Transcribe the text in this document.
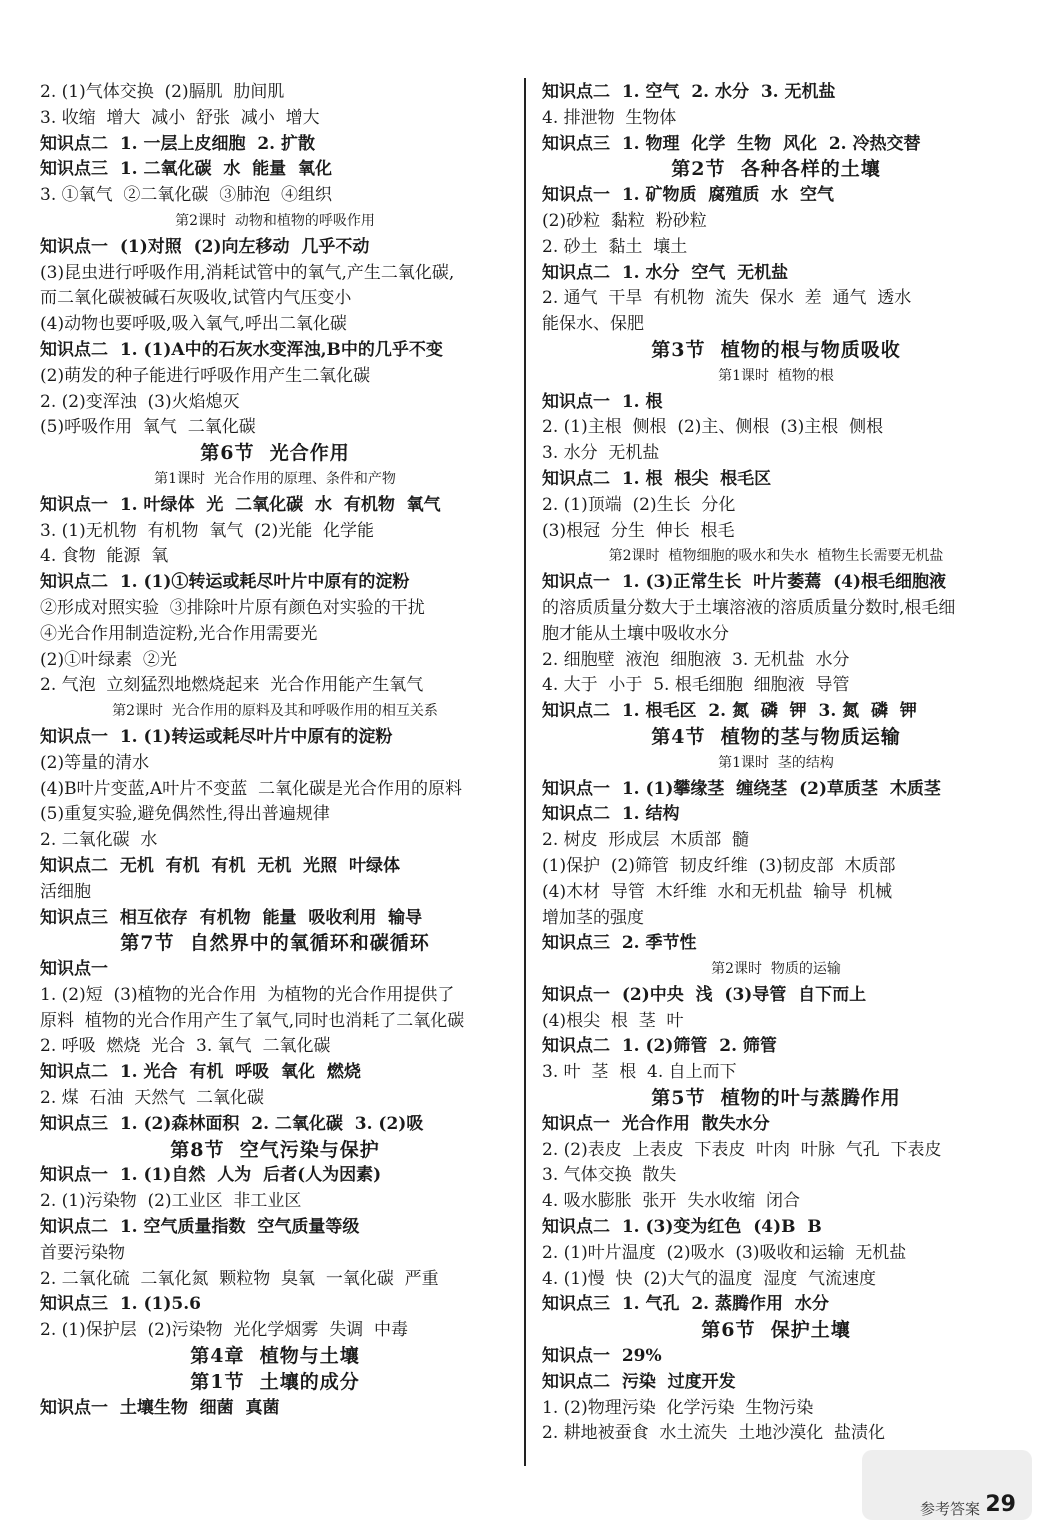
2. (1)气体交换  (2)膈肌  肋间肌
3. 收缩  增大  减小  舒张  减小  增大
知识点二  1. 一层上皮细胞  2. 扩散
知识点三  1. 二氧化碳  水  能量  氧化
3. ①氧气  ②二氧化碳  ③肺泡  ④组织
第2课时  动物和植物的呼吸作用
知识点一  (1)对照  (2)向左移动  几乎不动
(3)昆虫进行呼吸作用,消耗试管中的氧气,产生二氧化碳,
而二氧化碳被碱石灰吸收,试管内气压变小
(4)动物也要呼吸,吸入氧气,呼出二氧化碳
知识点二  1. (1)A中的石灰水变浑浊,B中的几乎不变
(2)萌发的种子能进行呼吸作用产生二氧化碳
2. (2)变浑浊  (3)火焰熄灭
(5)呼吸作用  氧气  二氧化碳
第6节  光合作用
第1课时  光合作用的原理、条件和产物
知识点一  1. 叶绿体  光  二氧化碳  水  有机物  氧气
3. (1)无机物  有机物  氧气  (2)光能  化学能
4. 食物  能源  氧
知识点二  1. (1)①转运或耗尽叶片中原有的淀粉
②形成对照实验  ③排除叶片原有颜色对实验的干扰
④光合作用制造淀粉,光合作用需要光
(2)①叶绿素  ②光
2. 气泡  立刻猛烈地燃烧起来  光合作用能产生氧气
第2课时  光合作用的原料及其和呼吸作用的相互关系
知识点一  1. (1)转运或耗尽叶片中原有的淀粉
(2)等量的清水
(4)B叶片变蓝,A叶片不变蓝  二氧化碳是光合作用的原料
(5)重复实验,避免偶然性,得出普遍规律
2. 二氧化碳  水
知识点二  无机  有机  有机  无机  光照  叶绿体
活细胞
知识点三  相互依存  有机物  能量  吸收利用  输导
第7节  自然界中的氧循环和碳循环
知识点一
1. (2)短  (3)植物的光合作用  为植物的光合作用提供了
原料  植物的光合作用产生了氧气,同时也消耗了二氧化碳
2. 呼吸  燃烧  光合  3. 氧气  二氧化碳
知识点二  1. 光合  有机  呼吸  氧化  燃烧
2. 煤  石油  天然气  二氧化碳
知识点三  1. (2)森林面积  2. 二氧化碳  3. (2)吸
第8节  空气污染与保护
知识点一  1. (1)自然  人为  后者(人为因素)
2. (1)污染物  (2)工业区  非工业区
知识点二  1. 空气质量指数  空气质量等级
首要污染物
2. 二氧化硫  二氧化氮  颗粒物  臭氧  一氧化碳  严重
知识点三  1. (1)5.6
2. (1)保护层  (2)污染物  光化学烟雾  失调  中毒
第4章  植物与土壤
第1节  土壤的成分
知识点一  土壤生物  细菌  真菌
知识点二  1. 空气  2. 水分  3. 无机盐
4. 排泄物  生物体
知识点三  1. 物理  化学  生物  风化  2. 冷热交替
第2节  各种各样的土壤
知识点一  1. 矿物质  腐殖质  水  空气
(2)砂粒  黏粒  粉砂粒
2. 砂土  黏土  壤土
知识点二  1. 水分  空气  无机盐
2. 通气  干旱  有机物  流失  保水  差  通气  透水
能保水、保肥
第3节  植物的根与物质吸收
第1课时  植物的根
知识点一  1. 根
2. (1)主根  侧根  (2)主、侧根  (3)主根  侧根
3. 水分  无机盐
知识点二  1. 根  根尖  根毛区
2. (1)顶端  (2)生长  分化
(3)根冠  分生  伸长  根毛
第2课时  植物细胞的吸水和失水  植物生长需要无机盐
知识点一  1. (3)正常生长  叶片萎蔫  (4)根毛细胞液
的溶质质量分数大于土壤溶液的溶质质量分数时,根毛细
胞才能从土壤中吸收水分
2. 细胞壁  液泡  细胞液  3. 无机盐  水分
4. 大于  小于  5. 根毛细胞  细胞液  导管
知识点二  1. 根毛区  2. 氮  磷  钾  3. 氮  磷  钾
第4节  植物的茎与物质运输
第1课时  茎的结构
知识点一  1. (1)攀缘茎  缠绕茎  (2)草质茎  木质茎
知识点二  1. 结构
2. 树皮  形成层  木质部  髓
(1)保护  (2)筛管  韧皮纤维  (3)韧皮部  木质部
(4)木材  导管  木纤维  水和无机盐  输导  机械
增加茎的强度
知识点三  2. 季节性
第2课时  物质的运输
知识点一  (2)中央  浅  (3)导管  自下而上
(4)根尖  根  茎  叶
知识点二  1. (2)筛管  2. 筛管
3. 叶  茎  根  4. 自上而下
第5节  植物的叶与蒸腾作用
知识点一  光合作用  散失水分
2. (2)表皮  上表皮  下表皮  叶肉  叶脉  气孔  下表皮
3. 气体交换  散失
4. 吸水膨胀  张开  失水收缩  闭合
知识点二  1. (3)变为红色  (4)B  B
2. (1)叶片温度  (2)吸水  (3)吸收和运输  无机盐
4. (1)慢  快  (2)大气的温度  湿度  气流速度
知识点三  1. 气孔  2. 蒸腾作用  水分
第6节  保护土壤
知识点一  29%
知识点二  污染  过度开发
1. (2)物理污染  化学污染  生物污染
2. 耕地被蚕食  水土流失  土地沙漠化  盐渍化
参考答案 29
